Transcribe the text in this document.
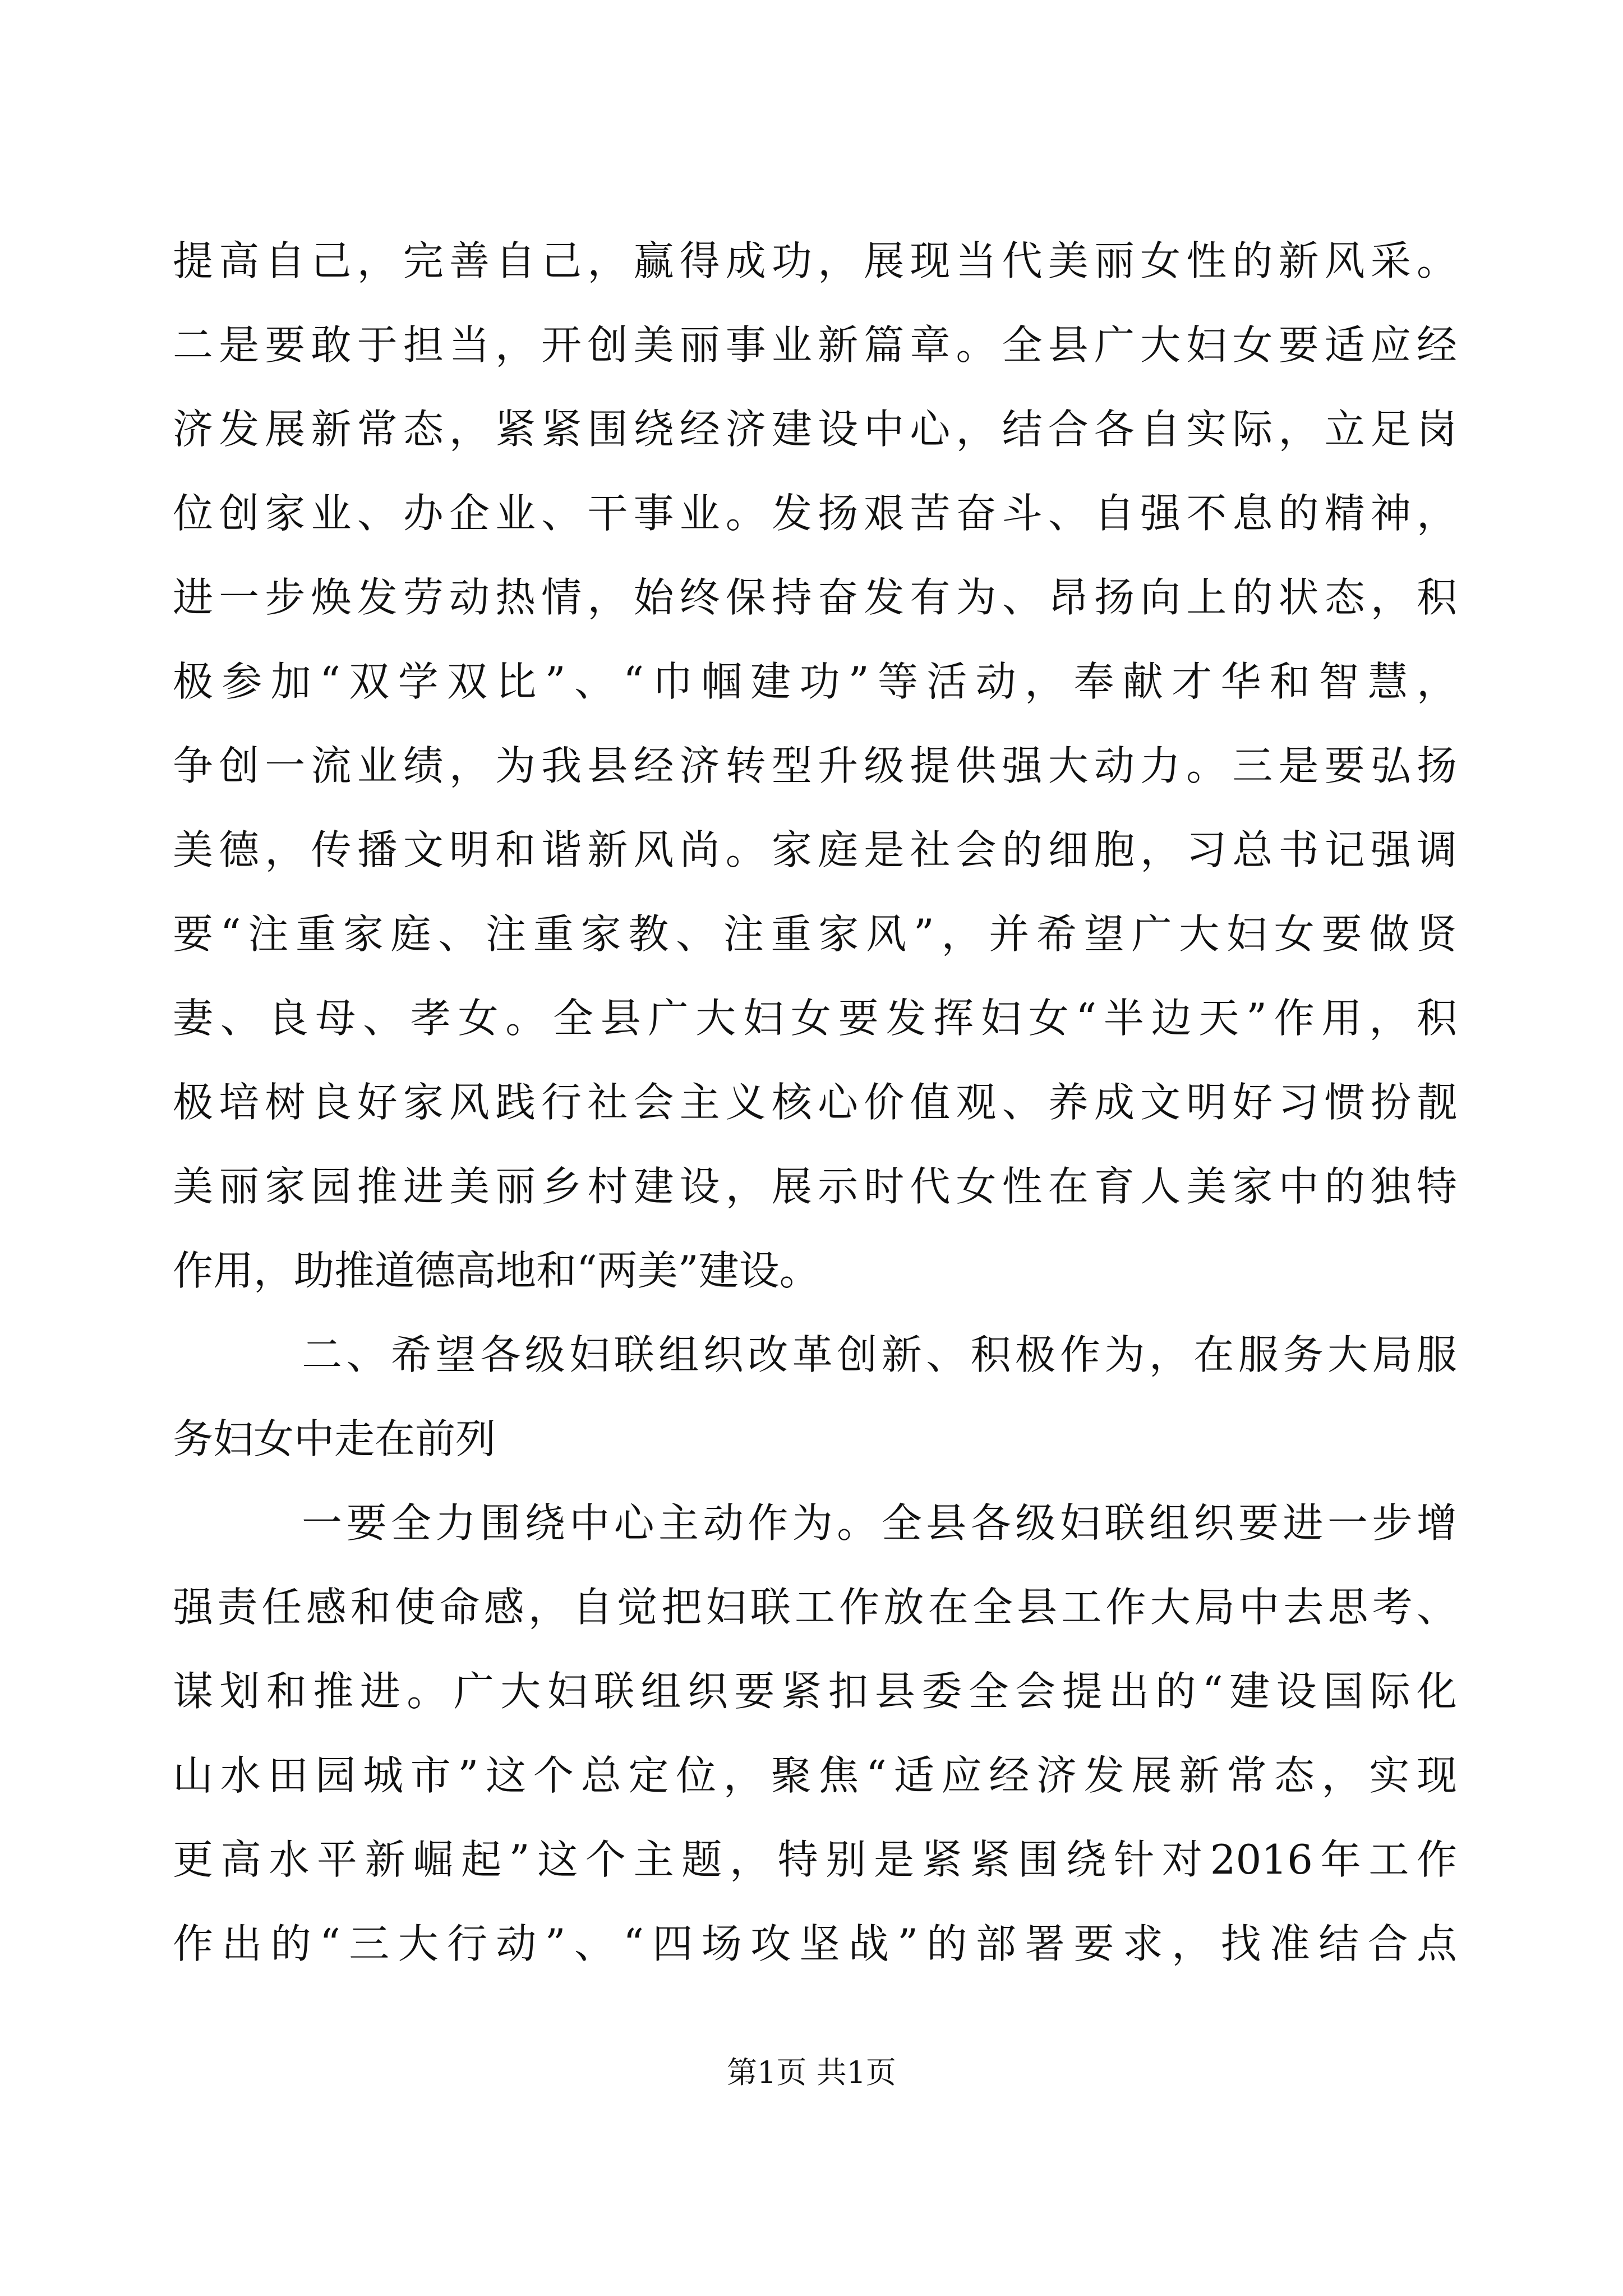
提高自己，完善自己，赢得成功，展现当代美丽女性的新风采。
二是要敢于担当，开创美丽事业新篇章。全县广大妇女要适应经
济发展新常态，紧紧围绕经济建设中心，结合各自实际，立足岗
位创家业、办企业、干事业。发扬艰苦奋斗、自强不息的精神，
进一步焕发劳动热情，始终保持奋发有为、昂扬向上的状态，积
极参加“双学双比”、“巾帼建功”等活动，奉献才华和智慧，
争创一流业绩，为我县经济转型升级提供强大动力。三是要弘扬
美德，传播文明和谐新风尚。家庭是社会的细胞，习总书记强调
要“注重家庭、注重家教、注重家风”，并希望广大妇女要做贤
妻、良母、孝女。全县广大妇女要发挥妇女“半边天”作用，积
极培树良好家风践行社会主义核心价值观、养成文明好习惯扮靓
美丽家园推进美丽乡村建设，展示时代女性在育人美家中的独特
作用，助推道德高地和“两美”建设。
二、希望各级妇联组织改革创新、积极作为，在服务大局服
务妇女中走在前列
一要全力围绕中心主动作为。全县各级妇联组织要进一步增
强责任感和使命感，自觉把妇联工作放在全县工作大局中去思考、
谋划和推进。广大妇联组织要紧扣县委全会提出的“建设国际化
山水田园城市”这个总定位，聚焦“适应经济发展新常态，实现
更高水平新崛起”这个主题，特别是紧紧围绕针对2016年工作
作出的“三大行动”、“四场攻坚战”的部署要求，找准结合点
第1页 共1页
